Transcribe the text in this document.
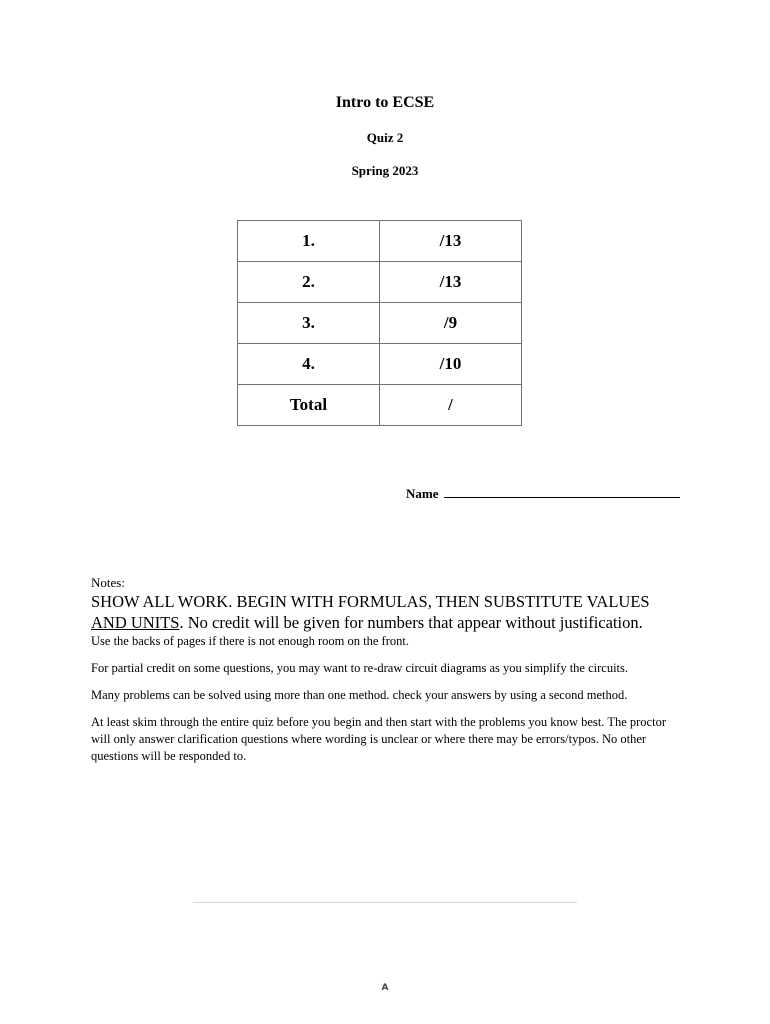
Intro to ECSE
Quiz 2
Spring 2023
1.	/13
2.	/13
3.	/9
4.	/10
Total	/
Name
Notes:
SHOW ALL WORK. BEGIN WITH FORMULAS, THEN SUBSTITUTE VALUES AND UNITS. No credit will be given for numbers that appear without justification.
Use the backs of pages if there is not enough room on the front.
For partial credit on some questions, you may want to re-draw circuit diagrams as you simplify the circuits.
Many problems can be solved using more than one method. check your answers by using a second method.
At least skim through the entire quiz before you begin and then start with the problems you know best. The proctor will only answer clarification questions where wording is unclear or where there may be errors/typos. No other questions will be responded to.
A
